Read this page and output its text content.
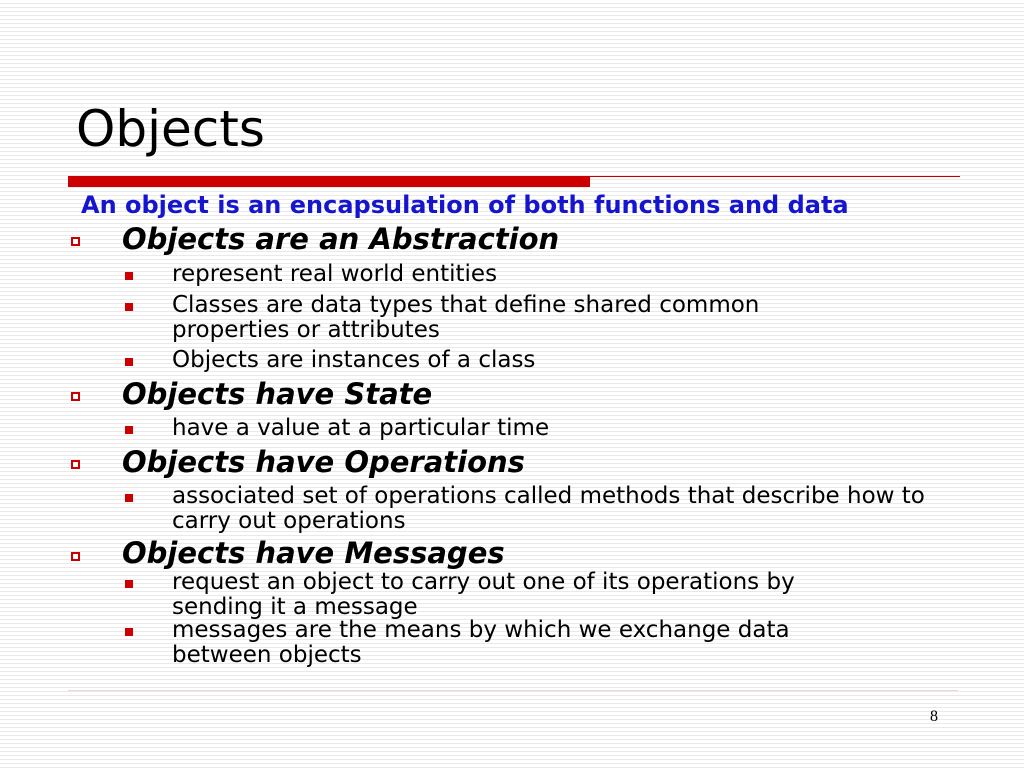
Objects
An object is an encapsulation of both functions and data
Objects are an Abstraction
represent real world entities
Classes are data types that define shared common properties or attributes
Objects are instances of a class
Objects have State
have a value at a particular time
Objects have Operations
associated set of operations called methods that describe how to carry out operations
Objects have Messages
request an object to carry out one of its operations by sending it a message
messages are the means by which we exchange data between objects
8
